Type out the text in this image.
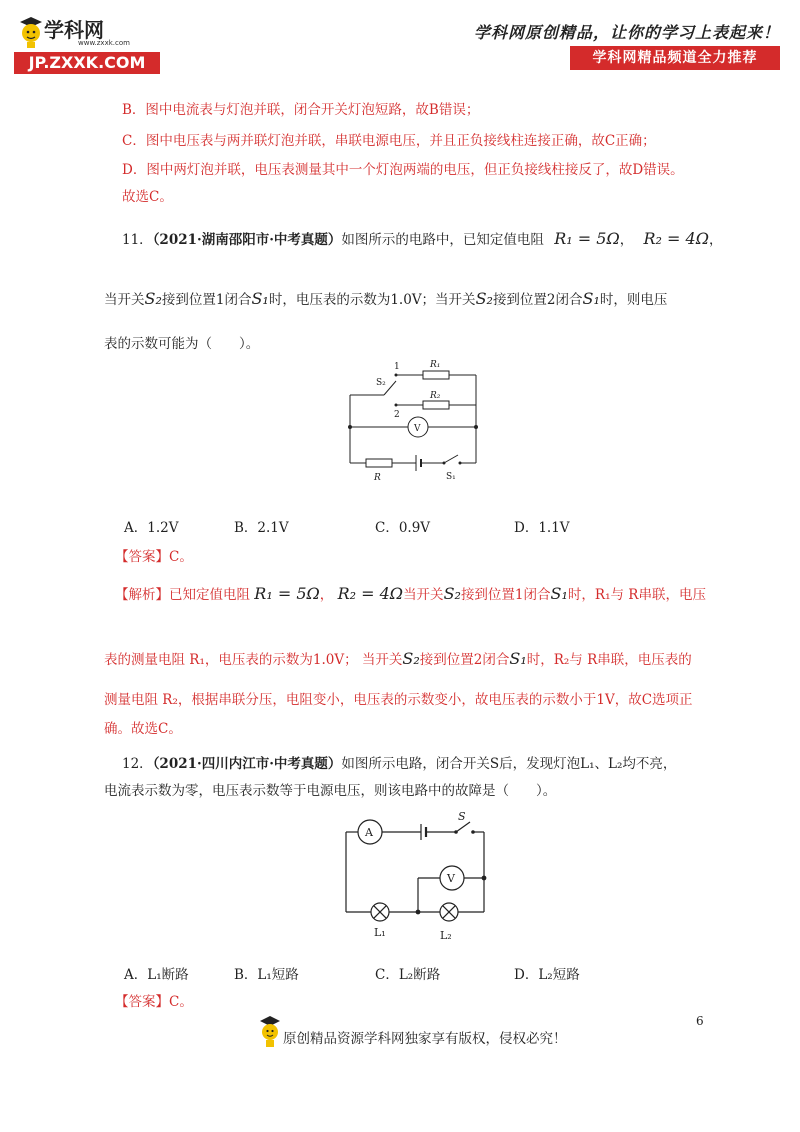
学科网
www.zxxk.com
JP.ZXXK.COM
学科网原创精品，让你的学习上表起来！
学科网精品频道全力推荐
B．图中电流表与灯泡并联，闭合开关灯泡短路，故B错误；
C．图中电压表与两并联灯泡并联，串联电源电压，并且正负接线柱连接正确，故C正确；
D．图中两灯泡并联，电压表测量其中一个灯泡两端的电压，但正负接线柱接反了，故D错误。
故选C。
11．（2021·湖南邵阳市·中考真题）如图所示的电路中，已知定值电阻 R₁ = 5Ω， R₂ = 4Ω，
当开关S₂接到位置1闭合S₁时，电压表的示数为1.0V；当开关S₂接到位置2闭合S₁时，则电压
表的示数可能为（　　）。
1
2
R₁
R₂
S₂
V
R	S₁
A．1.2V	B．2.1V	C．0.9V	D．1.1V
【答案】C。
【解析】已知定值电阻 R₁ = 5Ω， R₂ = 4Ω当开关S₂接到位置1闭合S₁时，R₁与 R串联，电压
表的测量电阻 R₁，电压表的示数为1.0V； 当开关S₂接到位置2闭合S₁时，R₂与 R串联，电压表的
测量电阻 R₂，根据串联分压，电阻变小，电压表的示数变小，故电压表的示数小于1V，故C选项正
确。故选C。
12．（2021·四川内江市·中考真题）如图所示电路，闭合开关S后，发现灯泡L₁、L₂均不亮，
电流表示数为零，电压表示数等于电源电压，则该电路中的故障是（　　）。
A
V
S
L₁	L₂
A．L₁断路	B．L₁短路	C．L₂断路	D．L₂短路
【答案】C。
6
原创精品资源学科网独家享有版权，侵权必究！
